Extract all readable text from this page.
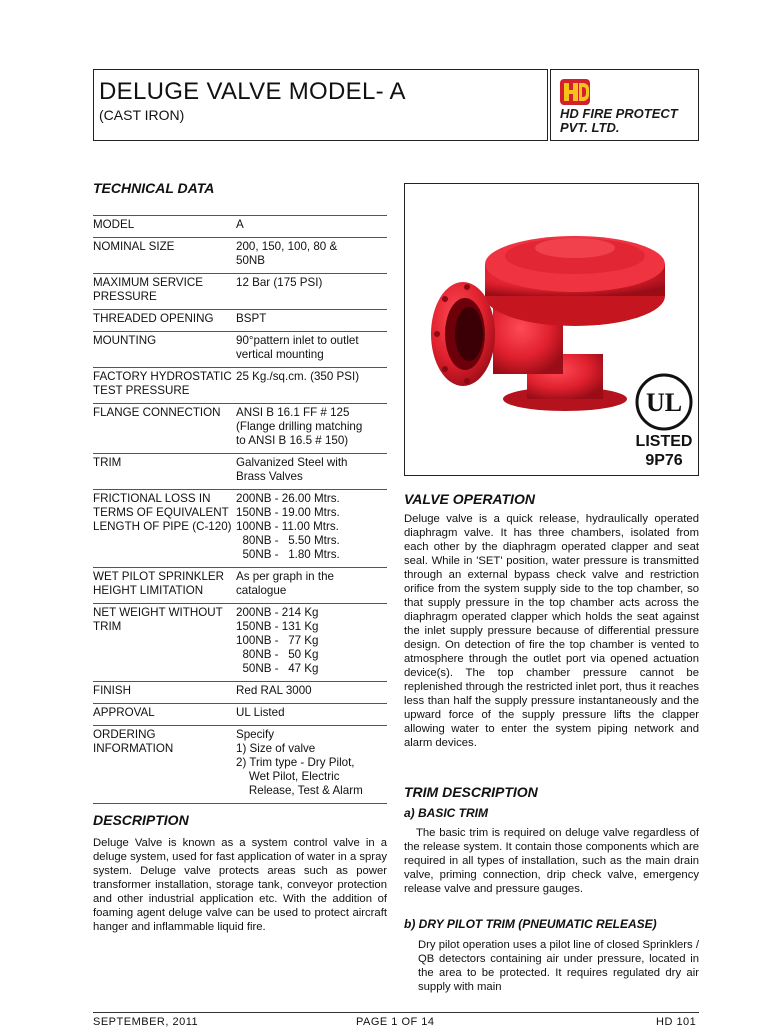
DELUGE VALVE MODEL- A
(CAST IRON)	HD FIRE PROTECT
PVT. LTD.
TECHNICAL DATA
MODEL	A

NOMINAL SIZE	200, 150, 100, 80 &
50NB

MAXIMUM SERVICE PRESSURE	12 Bar (175 PSI)

THREADED OPENING	BSPT

MOUNTING	90°pattern inlet to outlet
vertical mounting

FACTORY HYDROSTATIC TEST PRESSURE	25 Kg./sq.cm. (350 PSI)

FLANGE CONNECTION	ANSI B 16.1 FF # 125
(Flange drilling matching
to ANSI B 16.5 # 150)

TRIM	Galvanized Steel with
Brass Valves

FRICTIONAL LOSS IN TERMS OF EQUIVALENT LENGTH OF PIPE (C-120)	200NB - 26.00 Mtrs.
150NB - 19.00 Mtrs.
100NB - 11.00 Mtrs.
80NB -   5.50 Mtrs.
50NB -   1.80 Mtrs.

WET PILOT SPRINKLER HEIGHT LIMITATION	As per graph in the
catalogue

NET WEIGHT WITHOUT TRIM	200NB - 214 Kg
150NB - 131 Kg
100NB -   77 Kg
80NB -   50 Kg
50NB -   47 Kg

FINISH	Red RAL 3000

APPROVAL	UL Listed

ORDERING INFORMATION	Specify
1) Size of valve
2) Trim type - Dry Pilot,
Wet Pilot, Electric
Release, Test & Alarm
UL
LISTED
9P76
VALVE OPERATION
Deluge valve is a quick release, hydraulically operated diaphragm valve. It has three chambers, isolated from each other by the diaphragm operated clapper and seat seal. While in 'SET' position, water pressure is transmitted through an external bypass check valve and restriction orifice from the system supply side to the top chamber, so that supply pressure in the top chamber acts across the diaphragm operated clapper which holds the seat against the inlet supply pressure because of differential pressure design. On detection of fire the top chamber is vented to atmosphere through the outlet port via opened actuation device(s). The top chamber pressure cannot be replenished through the restricted inlet port, thus it reaches less than half the supply pressure instantaneously and the upward force of the supply pressure lifts the clapper allowing water to enter the system piping network and alarm devices.
TRIM DESCRIPTION
a) BASIC TRIM
The basic trim is required on deluge valve regardless of the release system. It contain those components which are required in all types of installation, such as the main drain valve, priming connection, drip check valve, emergency release valve and pressure gauges.
b) DRY PILOT TRIM (PNEUMATIC RELEASE)
Dry pilot operation uses a pilot line of closed Sprinklers / QB detectors containing air under pressure, located in the area to be protected. It requires regulated dry air supply with main
DESCRIPTION
Deluge Valve is known as a system control valve in a deluge system, used for fast application of water in a spray system. Deluge valve protects areas such as power transformer installation, storage tank, conveyor protection and other industrial application etc. With the addition of foaming agent deluge valve can be used to protect aircraft hanger and inflammable liquid fire.
SEPTEMBER, 2011	PAGE 1 OF 14	HD 101
